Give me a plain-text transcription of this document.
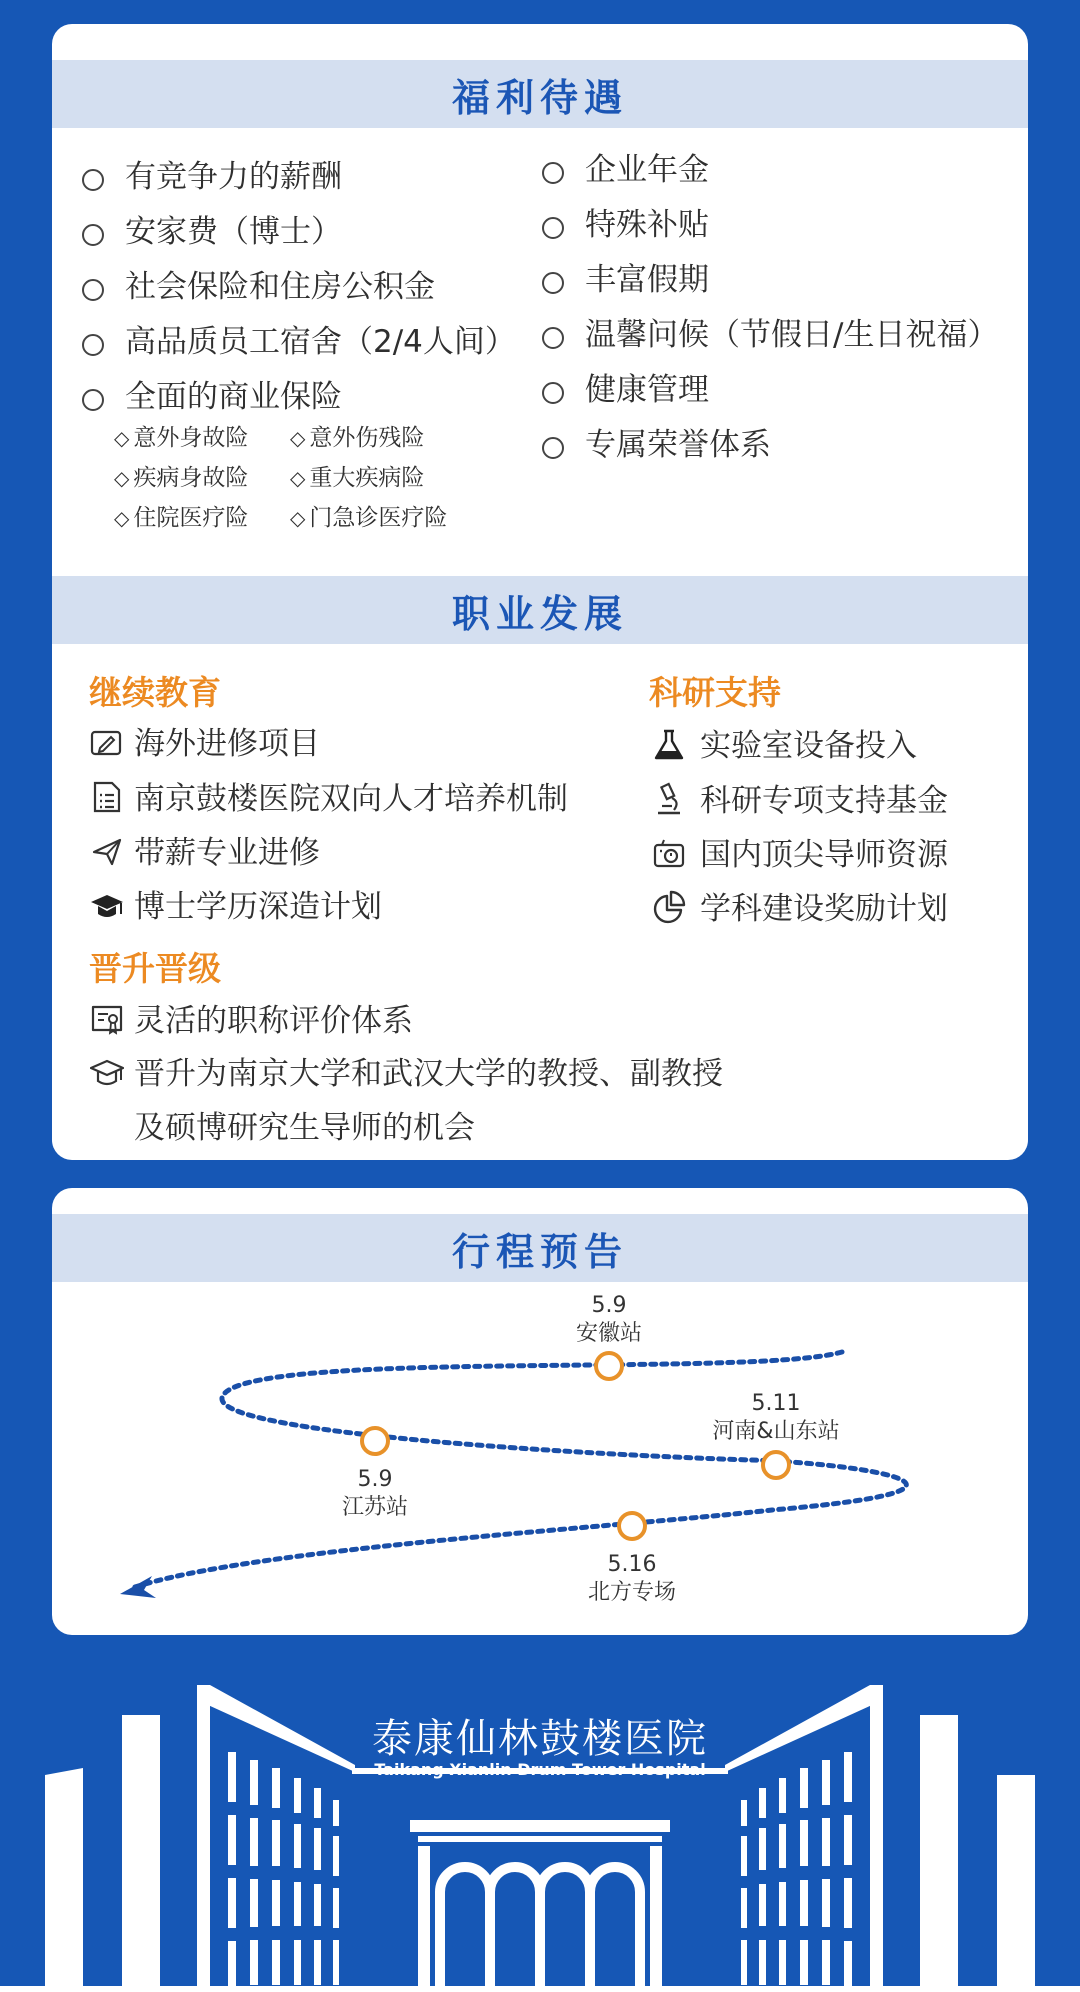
福利待遇
有竞争力的薪酬
安家费（博士）
社会保险和住房公积金
高品质员工宿舍（2/4人间）
全面的商业保险
◇ 意外身故险 ◇ 意外伤残险
◇ 疾病身故险 ◇ 重大疾病险
◇ 住院医疗险 ◇ 门急诊医疗险
企业年金
特殊补贴
丰富假期
温馨问候（节假日/生日祝福）
健康管理
专属荣誉体系
职业发展
继续教育
海外进修项目
南京鼓楼医院双向人才培养机制
带薪专业进修
博士学历深造计划
科研支持
实验室设备投入
科研专项支持基金
国内顶尖导师资源
学科建设奖励计划
晋升晋级
灵活的职称评价体系
晋升为南京大学和武汉大学的教授、副教授
及硕博研究生导师的机会
行程预告
5.9
安徽站
5.9
江苏站
5.11
河南&山东站
5.16
北方专场
泰康仙林鼓楼医院
Taikang Xianlin Drum Tower Hospital
